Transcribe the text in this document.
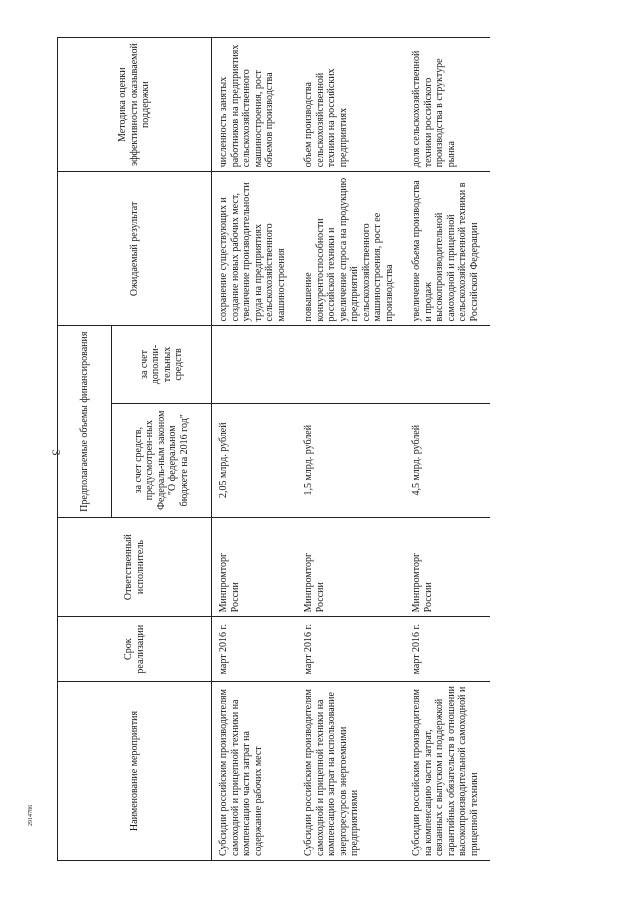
3
2914786	Наименование мероприятия	Срок реализации	Ответственный исполнитель	Предполагаемые объемы финансирования		Ожидаемый результат	Методика оценки эффективности оказываемой поддержки
			за счет средств, предусмотрен-ных Федераль-ным законом "О федеральном бюджете на 2016 год"	за счет дополни-тельных средств		
Субсидии российским производителям самоходной и прицепной техники на компенсацию части затрат на содержание рабочих мест	март 2016 г.	Минпромторг России	2,05 млрд. рублей		сохранение существующих и создание новых рабочих мест, увеличение производительности труда на предприятиях сельскохозяйственного машиностроения	численность занятых работников на предприятиях сельскохозяйственного машиностроения, рост объемов производства
Субсидии российским производителям самоходной и прицепной техники на компенсацию затрат на использование энергоресурсов энергоемкими предприятиями	март 2016 г.	Минпромторг России	1,5 млрд. рублей		повышение конкурентоспособности российской техники и увеличение спроса на продукцию предприятий сельскохозяйственного машиностроения, рост ее производства	объем производства сельскохозяйственной техники на российских предприятиях
Субсидии российским производителям на компенсацию части затрат, связанных с выпуском и поддержкой гарантийных обязательств в отношении высокопроизводительной самоходной и прицепной техники	март 2016 г.	Минпромторг России	4,5 млрд. рублей		увеличение объема производства и продаж высокопроизводительной самоходной и прицепной сельскохозяйственной техники в Российской Федерации	доля сельскохозяйственной техники российского производства в структуре рынка
